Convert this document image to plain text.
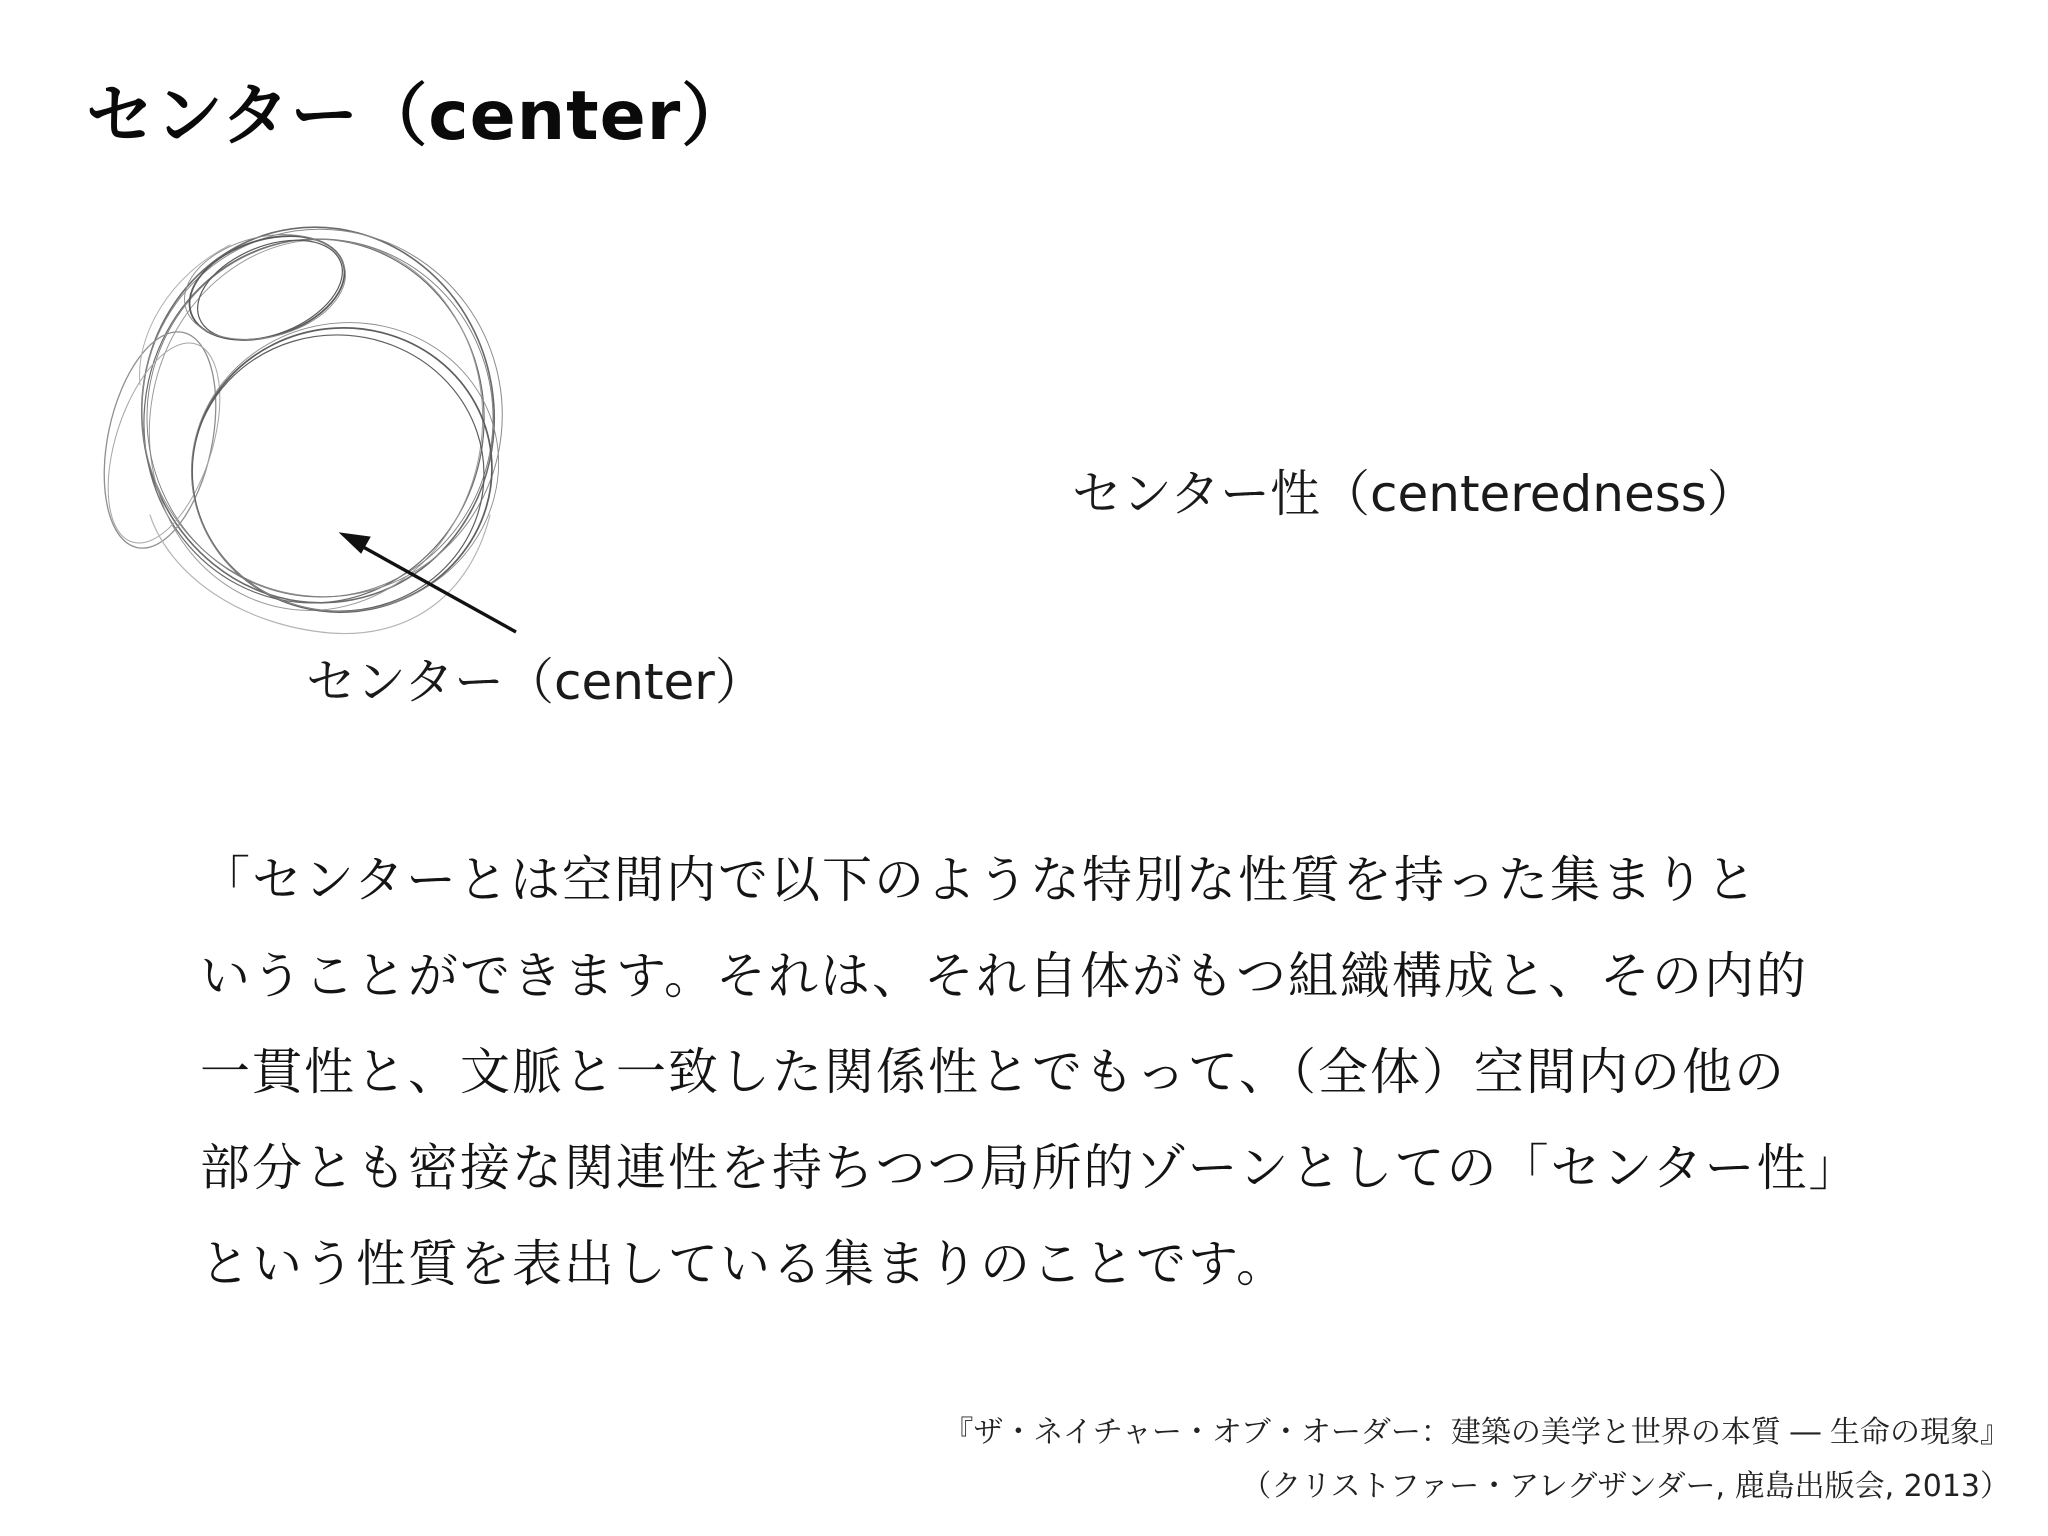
センター（center）
センター（center）
センター性（centeredness）
「センターとは空間内で以下のような特別な性質を持った集まりと
いうことができます。それは、それ自体がもつ組織構成と、その内的
一貫性と、文脈と一致した関係性とでもって、（全体）空間内の他の
部分とも密接な関連性を持ちつつ局所的ゾーンとしての「センター性」
という性質を表出している集まりのことです。
『ザ・ネイチャー・オブ・オーダー：建築の美学と世界の本質 ― 生命の現象』
（クリストファー・アレグザンダー, 鹿島出版会, 2013）
